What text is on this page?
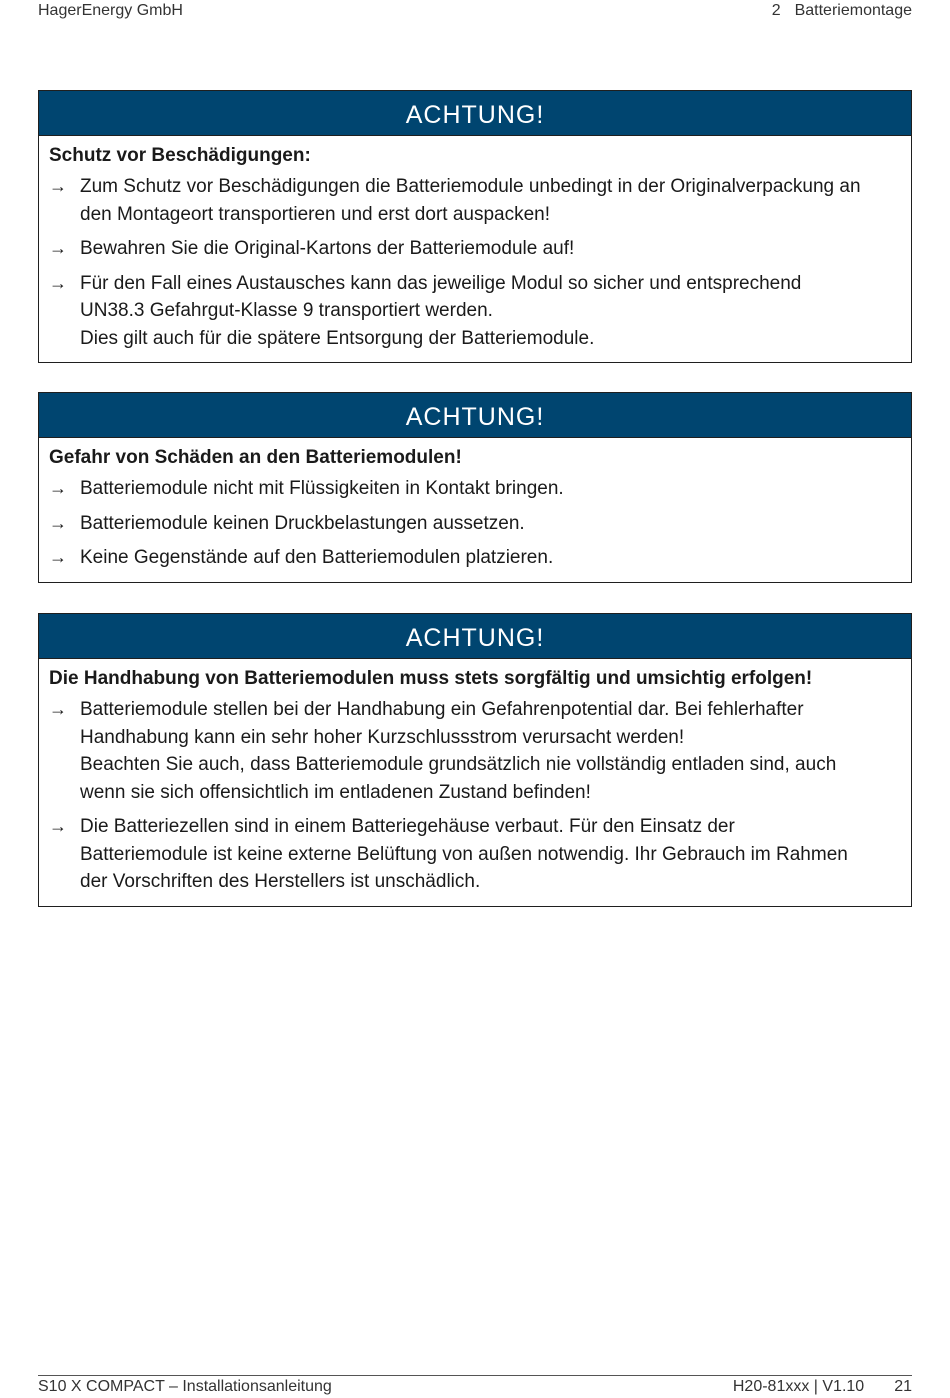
HagerEnergy GmbH	2 Batteriemontage
ACHTUNG!
Schutz vor Beschädigungen:
→ Zum Schutz vor Beschädigungen die Batteriemodule unbedingt in der Originalverpackung an
den Montageort transportieren und erst dort auspacken!
→ Bewahren Sie die Original-Kartons der Batteriemodule auf!
→ Für den Fall eines Austausches kann das jeweilige Modul so sicher und entsprechend
UN38.3 Gefahrgut-Klasse 9 transportiert werden.
Dies gilt auch für die spätere Entsorgung der Batteriemodule.
ACHTUNG!
Gefahr von Schäden an den Batteriemodulen!
→ Batteriemodule nicht mit Flüssigkeiten in Kontakt bringen.
→ Batteriemodule keinen Druckbelastungen aussetzen.
→ Keine Gegenstände auf den Batteriemodulen platzieren.
ACHTUNG!
Die Handhabung von Batteriemodulen muss stets sorgfältig und umsichtig erfolgen!
→ Batteriemodule stellen bei der Handhabung ein Gefahrenpotential dar. Bei fehlerhafter
Handhabung kann ein sehr hoher Kurzschlussstrom verursacht werden!
Beachten Sie auch, dass Batteriemodule grundsätzlich nie vollständig entladen sind, auch
wenn sie sich offensichtlich im entladenen Zustand befinden!
→ Die Batteriezellen sind in einem Batteriegehäuse verbaut. Für den Einsatz der
Batteriemodule ist keine externe Belüftung von außen notwendig. Ihr Gebrauch im Rahmen
der Vorschriften des Herstellers ist unschädlich.
S10 X COMPACT – Installationsanleitung	H20-81xxx | V1.10 21
